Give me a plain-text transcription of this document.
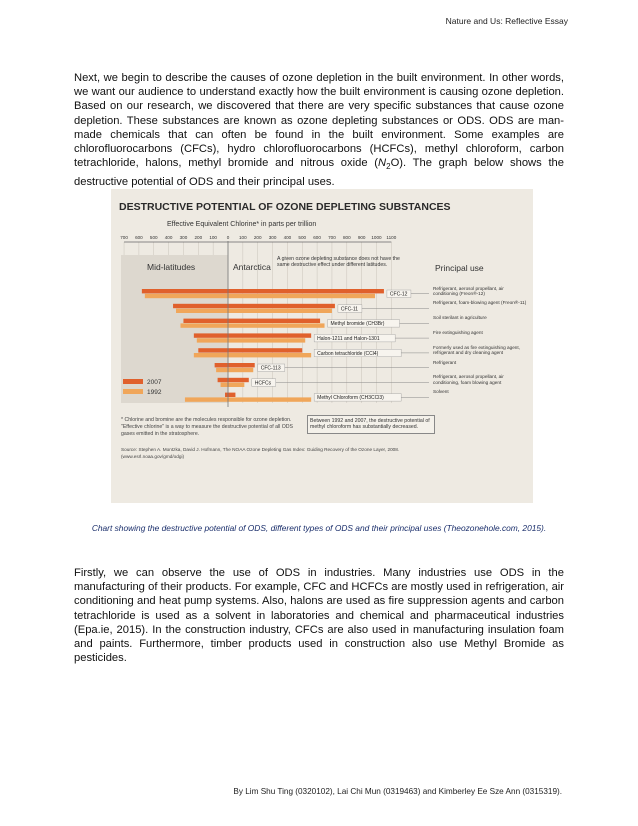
Nature and Us: Reflective Essay

Next, we begin to describe the causes of ozone depletion in the built environment. In other words, we want our audience to understand exactly how the built environment is causing ozone depletion. Based on our research, we discovered that there are very specific substances that cause ozone depletion. These substances are known as ozone depleting substances or ODS. ODS are man-made chemicals that can often be found in the built environment. Some examples are chlorofluorocarbons (CFCs), hydro chlorofluorocarbons (HCFCs), methyl chloroform, carbon tetrachloride, halons, methyl bromide and nitrous oxide $(N_2O)$. The graph below shows the destructive potential of ODS and their principal uses.

DESTRUCTIVE POTENTIAL OF OZONE DEPLETING SUBSTANCES
Effective Equivalent Chlorine* in parts per trillion
700 600 500 400 300 200 100 0 100 200 300 400 500 600 700 800 900 1000 1100
Mid-latitudes	Antarctica
A given ozone depleting substance does not have the same destructive effect under different latitudes.	Principal use
CFC-12
Refrigerant, aerosol propellant, air conditioning (Freon®-12)
CFC-11
Refrigerant, foam-blowing agent (Freon®-11)
Methyl bromide (CH3Br)
Soil sterilant in agriculture
Halon-1211 and Halon-1301
Fire extinguishing agent
Carbon tetrachloride (CCl4)
Formerly used as fire extinguishing agent, refrigerant and dry cleaning agent
CFC-113
Refrigerant
HCFCs
Refrigerant, aerosol propellant, air conditioning, foam blowing agent
Methyl Chloroform (CH3CCl3)
Solvent
2007
1992
Between 1992 and 2007, the destructive potential of methyl chloroform has substantially decreased.
* Chlorine and bromine are the molecules responsible for ozone depletion.
"Effective chlorine" is a way to measure the destructive potential of all ODS
gases emitted in the stratosphere.
Source: Stephen A. Montzka, David J. Hofmann, The NOAA Ozone Depleting Gas Index: Guiding Recovery of the Ozone Layer, 2008.
(www.esrl.noaa.gov/gmd/odgi)
Chart showing the destructive potential of ODS, different types of ODS and their principal uses (Theozonehole.com, 2015).

Firstly, we can observe the use of ODS in industries. Many industries use ODS in the manufacturing of their products. For example, CFC and HCFCs are mostly used in refrigeration, air conditioning and heat pump systems. Also, halons are used as fire suppression agents and carbon tetrachloride is used as a solvent in laboratories and chemical and pharmaceutical industries (Epa.ie, 2015). In the construction industry, CFCs are also used in manufacturing insulation foam and paints. Furthermore, timber products used in construction also use Methyl Bromide as pesticides.

By Lim Shu Ting (0320102), Lai Chi Mun (0319463) and Kimberley Ee Sze Ann (0315319).
